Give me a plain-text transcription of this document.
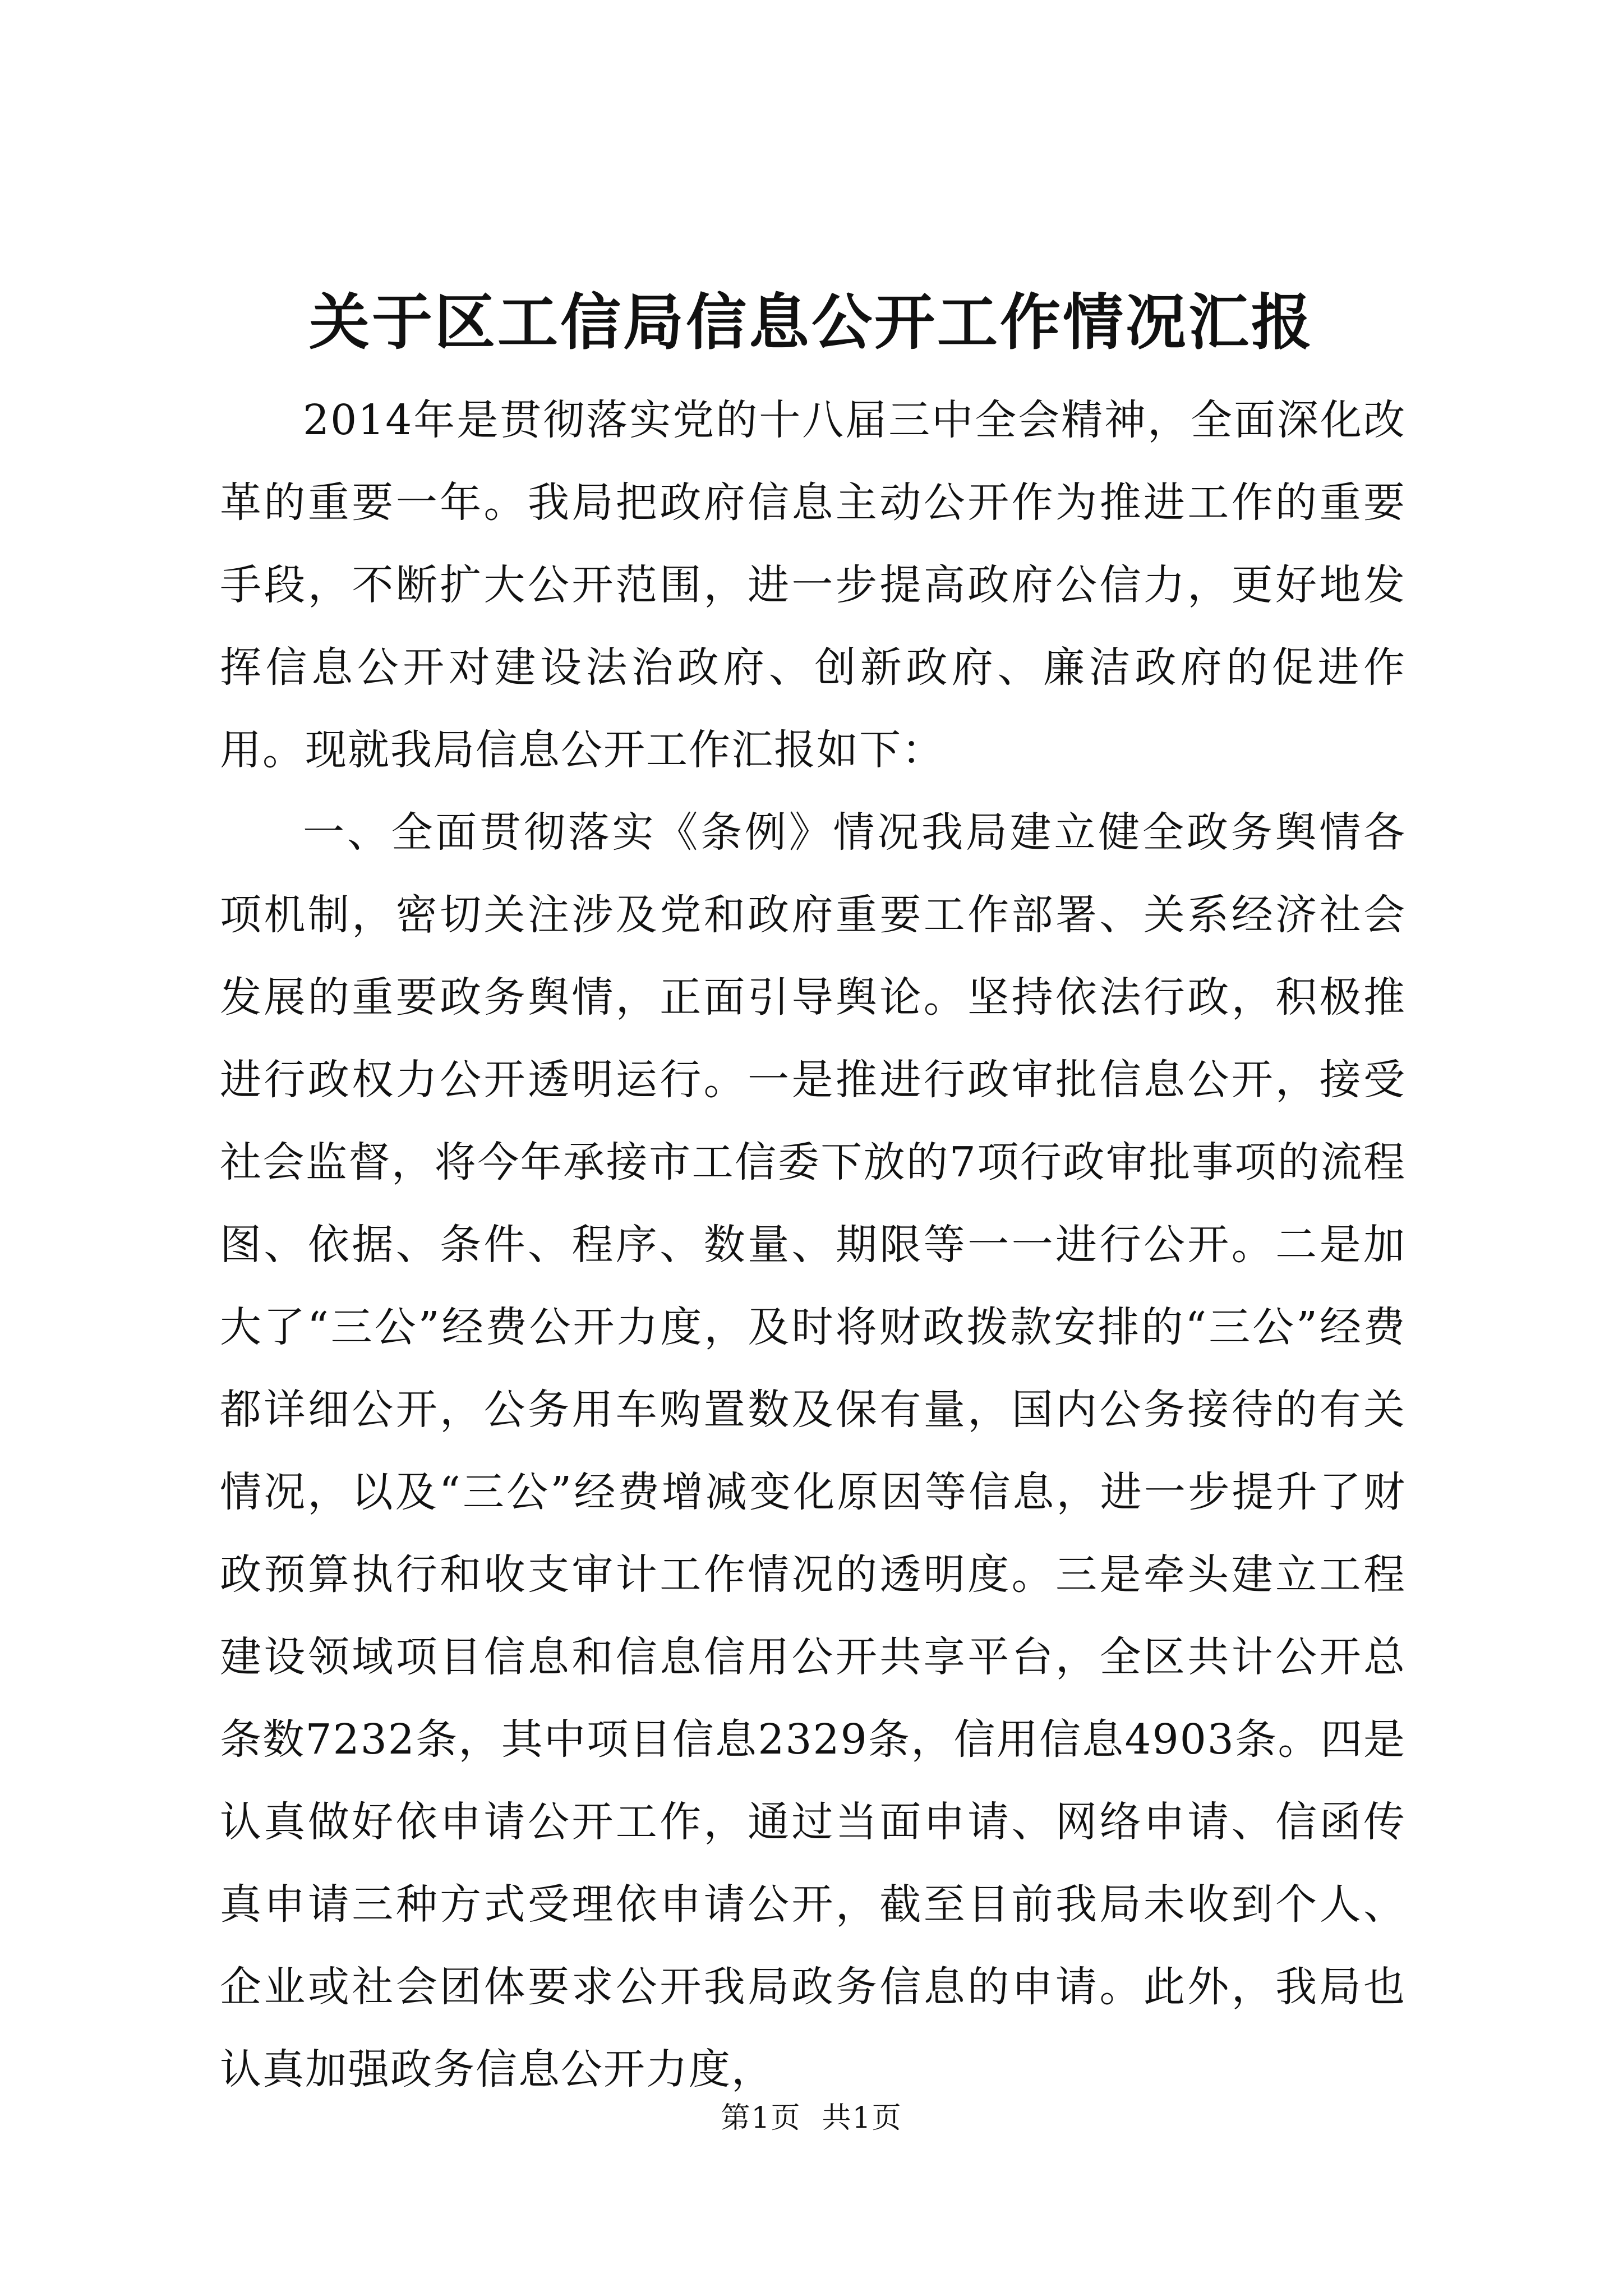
关于区工信局信息公开工作情况汇报

2014年是贯彻落实党的十八届三中全会精神，全面深化改革的重要一年。我局把政府信息主动公开作为推进工作的重要手段，不断扩大公开范围，进一步提高政府公信力，更好地发挥信息公开对建设法治政府、创新政府、廉洁政府的促进作用。现就我局信息公开工作汇报如下：

一、全面贯彻落实《条例》情况我局建立健全政务舆情各项机制，密切关注涉及党和政府重要工作部署、关系经济社会发展的重要政务舆情，正面引导舆论。坚持依法行政，积极推进行政权力公开透明运行。一是推进行政审批信息公开，接受社会监督，将今年承接市工信委下放的7项行政审批事项的流程图、依据、条件、程序、数量、期限等一一进行公开。二是加大了“三公”经费公开力度，及时将财政拨款安排的“三公”经费都详细公开，公务用车购置数及保有量，国内公务接待的有关情况，以及“三公”经费增减变化原因等信息，进一步提升了财政预算执行和收支审计工作情况的透明度。三是牵头建立工程建设领域项目信息和信息信用公开共享平台，全区共计公开总条数7232条，其中项目信息2329条，信用信息4903条。四是认真做好依申请公开工作，通过当面申请、网络申请、信函传真申请三种方式受理依申请公开，截至目前我局未收到个人、企业或社会团体要求公开我局政务信息的申请。此外，我局也认真加强政务信息公开力度，

第1页  共1页
